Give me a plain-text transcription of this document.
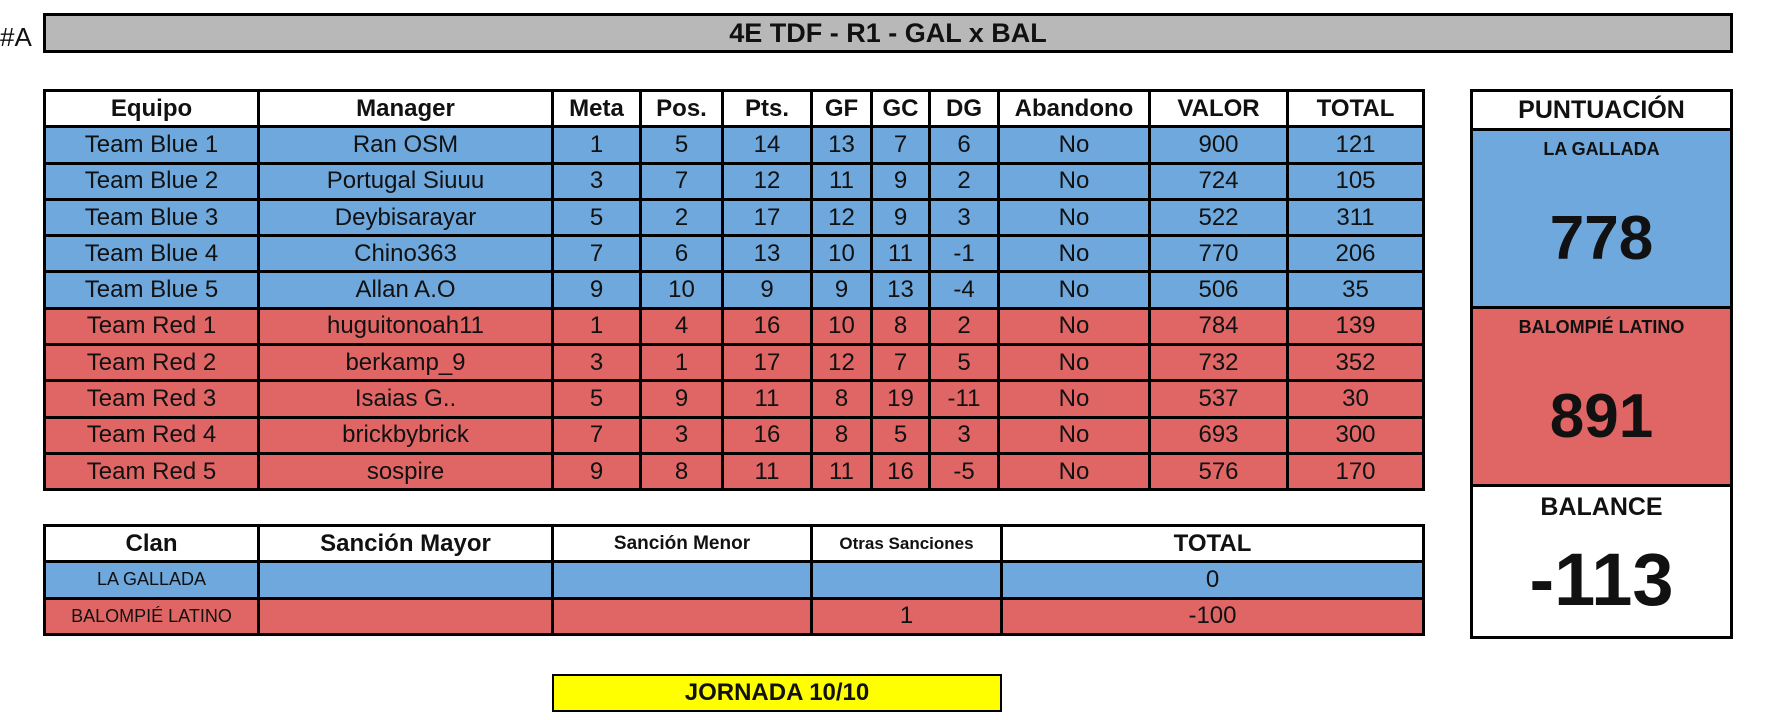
#A	4E TDF - R1 - GAL x BAL
Equipo	Manager	Meta	Pos.	Pts.	GF	GC	DG	Abandono	VALOR	TOTAL
Team Blue 1	Ran OSM	1	5	14	13	7	6	No	900	121
Team Blue 2	Portugal Siuuu	3	7	12	11	9	2	No	724	105
Team Blue 3	Deybisarayar	5	2	17	12	9	3	No	522	311
Team Blue 4	Chino363	7	6	13	10	11	-1	No	770	206
Team Blue 5	Allan A.O	9	10	9	9	13	-4	No	506	35
Team Red 1	huguitonoah11	1	4	16	10	8	2	No	784	139
Team Red 2	berkamp_9	3	1	17	12	7	5	No	732	352
Team Red 3	Isaias G..	5	9	11	8	19	-11	No	537	30
Team Red 4	brickbybrick	7	3	16	8	5	3	No	693	300
Team Red 5	sospire	9	8	11	11	16	-5	No	576	170
Clan	Sanción Mayor	Sanción Menor	Otras Sanciones	TOTAL
LA GALLADA				0
BALOMPIÉ LATINO			1	-100
PUNTUACIÓN
LA GALLADA
778
BALOMPIÉ LATINO
891
BALANCE
-113
JORNADA 10/10
